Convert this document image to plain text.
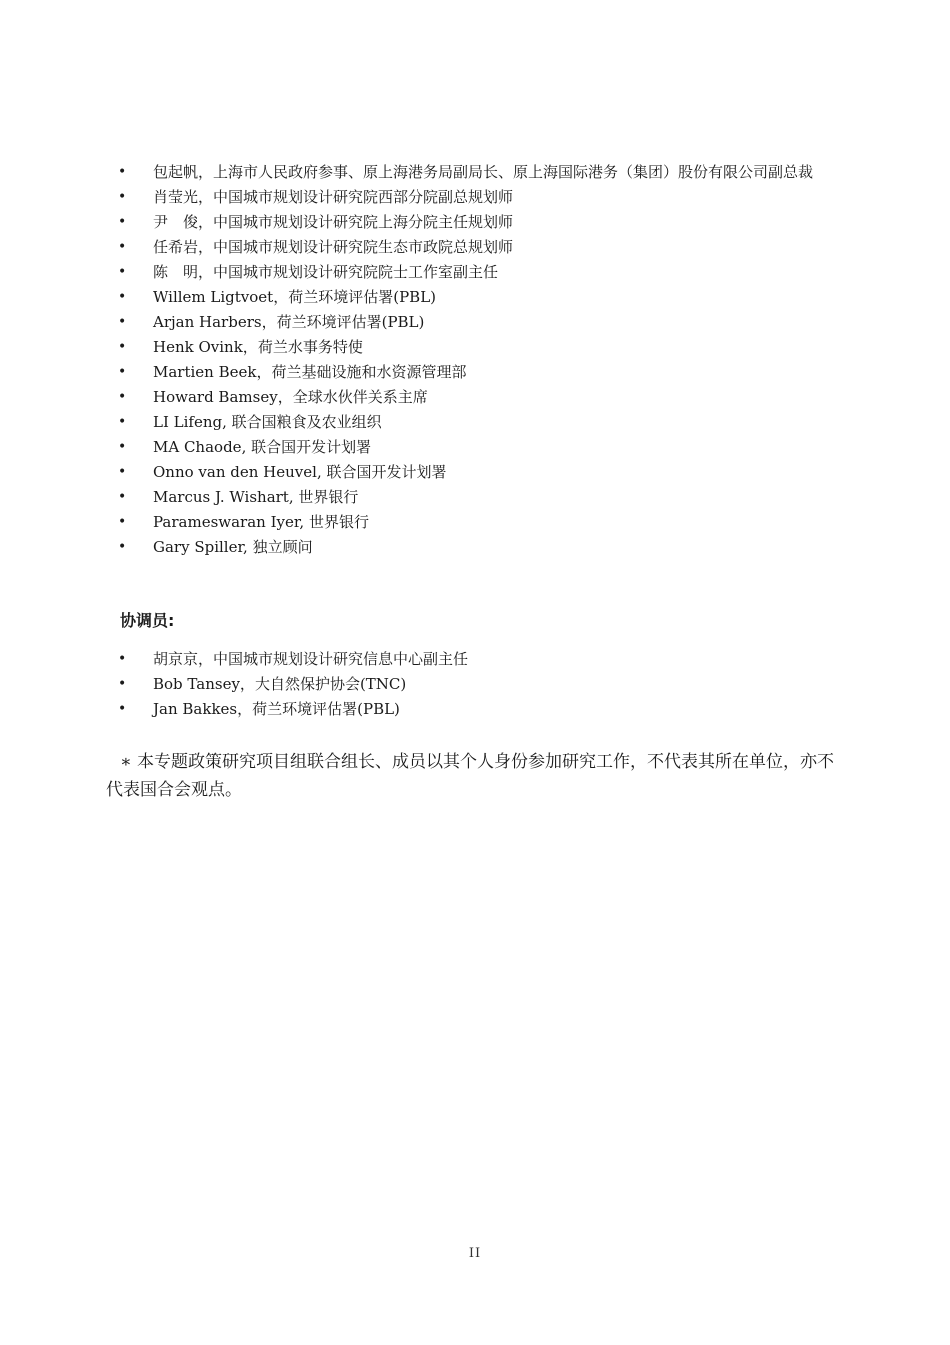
• 包起帆，上海市人民政府参事、原上海港务局副局长、原上海国际港务（集团）股份有限公司副总裁
• 肖莹光，中国城市规划设计研究院西部分院副总规划师
• 尹　俊，中国城市规划设计研究院上海分院主任规划师
• 任希岩，中国城市规划设计研究院生态市政院总规划师
• 陈　明，中国城市规划设计研究院院士工作室副主任
• Willem Ligtvoet，荷兰环境评估署(PBL)
• Arjan Harbers，荷兰环境评估署(PBL)
• Henk Ovink，荷兰水事务特使
• Martien Beek，荷兰基础设施和水资源管理部
• Howard Bamsey，全球水伙伴关系主席
• LI Lifeng, 联合国粮食及农业组织
• MA Chaode, 联合国开发计划署
• Onno van den Heuvel, 联合国开发计划署
• Marcus J. Wishart, 世界银行
• Parameswaran Iyer, 世界银行
• Gary Spiller, 独立顾问
协调员:
• 胡京京，中国城市规划设计研究信息中心副主任
• Bob Tansey，大自然保护协会(TNC)
• Jan Bakkes，荷兰环境评估署(PBL)

∗ 本专题政策研究项目组联合组长、成员以其个人身份参加研究工作，不代表其所在单位，亦不代表国合会观点。

II
